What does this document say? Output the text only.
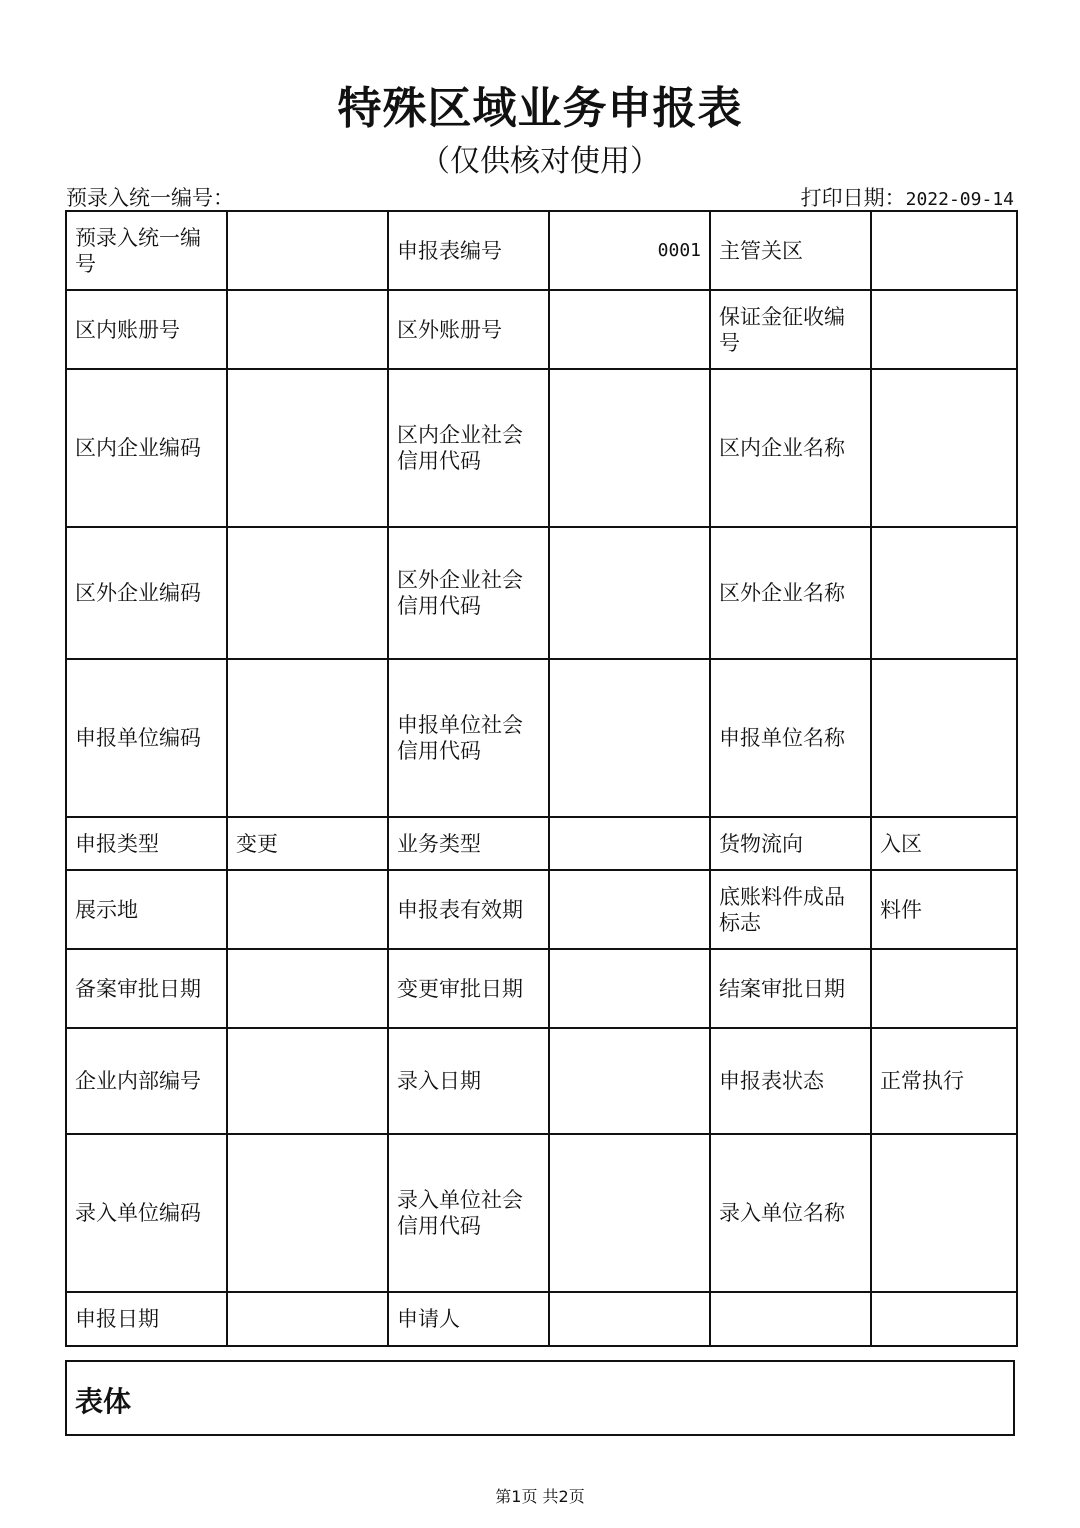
特殊区域业务申报表
（仅供核对使用）
预录入统一编号：	打印日期：2022-09-14
预录入统一编号		申报表编号	0001	主管关区	
区内账册号		区外账册号		保证金征收编号	
区内企业编码		区内企业社会信用代码		区内企业名称	
区外企业编码		区外企业社会信用代码		区外企业名称	
申报单位编码		申报单位社会信用代码		申报单位名称	
申报类型	变更	业务类型		货物流向	入区
展示地		申报表有效期		底账料件成品标志	料件
备案审批日期		变更审批日期		结案审批日期	
企业内部编号		录入日期		申报表状态	正常执行
录入单位编码		录入单位社会信用代码		录入单位名称	
申报日期		申请人			
表体
第1页 共2页
